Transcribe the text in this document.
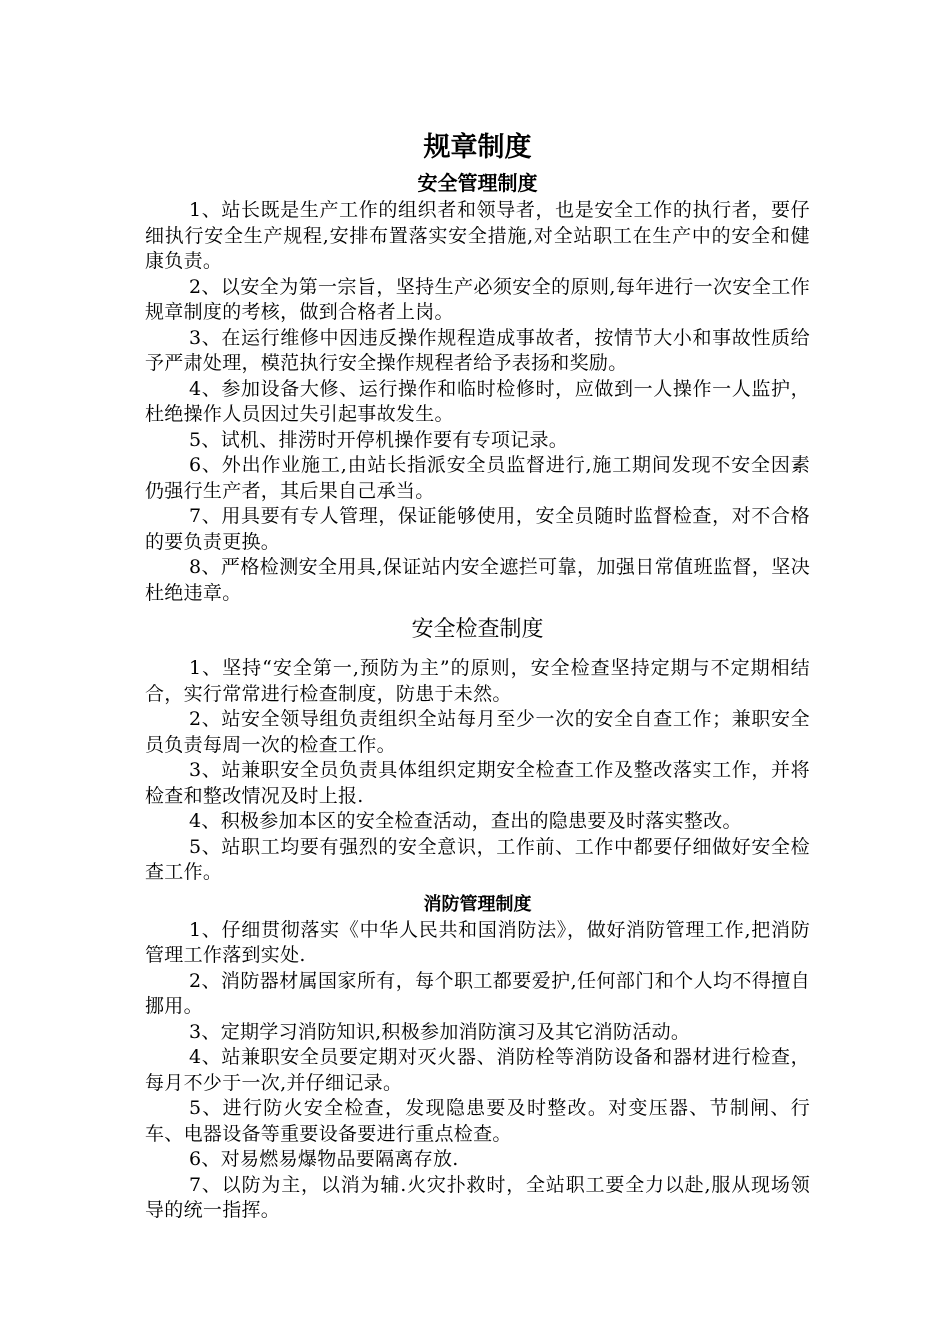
规章制度
安全管理制度

1、站长既是生产工作的组织者和领导者，也是安全工作的执行者，要仔细执行安全生产规程,安排布置落实安全措施,对全站职工在生产中的安全和健康负责。

2、以安全为第一宗旨，坚持生产必须安全的原则,每年进行一次安全工作规章制度的考核，做到合格者上岗。

3、在运行维修中因违反操作规程造成事故者，按情节大小和事故性质给予严肃处理，模范执行安全操作规程者给予表扬和奖励。

4、参加设备大修、运行操作和临时检修时，应做到一人操作一人监护，杜绝操作人员因过失引起事故发生。

5、试机、排涝时开停机操作要有专项记录。

6、外出作业施工,由站长指派安全员监督进行,施工期间发现不安全因素仍强行生产者，其后果自己承当。

7、用具要有专人管理，保证能够使用，安全员随时监督检查，对不合格的要负责更换。

8、严格检测安全用具,保证站内安全遮拦可靠，加强日常值班监督，坚决杜绝违章。

安全检查制度

1、坚持“安全第一,预防为主”的原则，安全检查坚持定期与不定期相结合，实行常常进行检查制度，防患于未然。

2、站安全领导组负责组织全站每月至少一次的安全自查工作；兼职安全员负责每周一次的检查工作。

3、站兼职安全员负责具体组织定期安全检查工作及整改落实工作，并将检查和整改情况及时上报.

4、积极参加本区的安全检查活动，查出的隐患要及时落实整改。

5、站职工均要有强烈的安全意识，工作前、工作中都要仔细做好安全检查工作。

消防管理制度

1、仔细贯彻落实《中华人民共和国消防法》，做好消防管理工作,把消防管理工作落到实处.

2、消防器材属国家所有，每个职工都要爱护,任何部门和个人均不得擅自挪用。

3、定期学习消防知识,积极参加消防演习及其它消防活动。

4、站兼职安全员要定期对灭火器、消防栓等消防设备和器材进行检查，每月不少于一次,并仔细记录。

5、进行防火安全检查，发现隐患要及时整改。对变压器、节制闸、行车、电器设备等重要设备要进行重点检查。

6、对易燃易爆物品要隔离存放.

7、以防为主，以消为辅.火灾扑救时，全站职工要全力以赴,服从现场领导的统一指挥。
